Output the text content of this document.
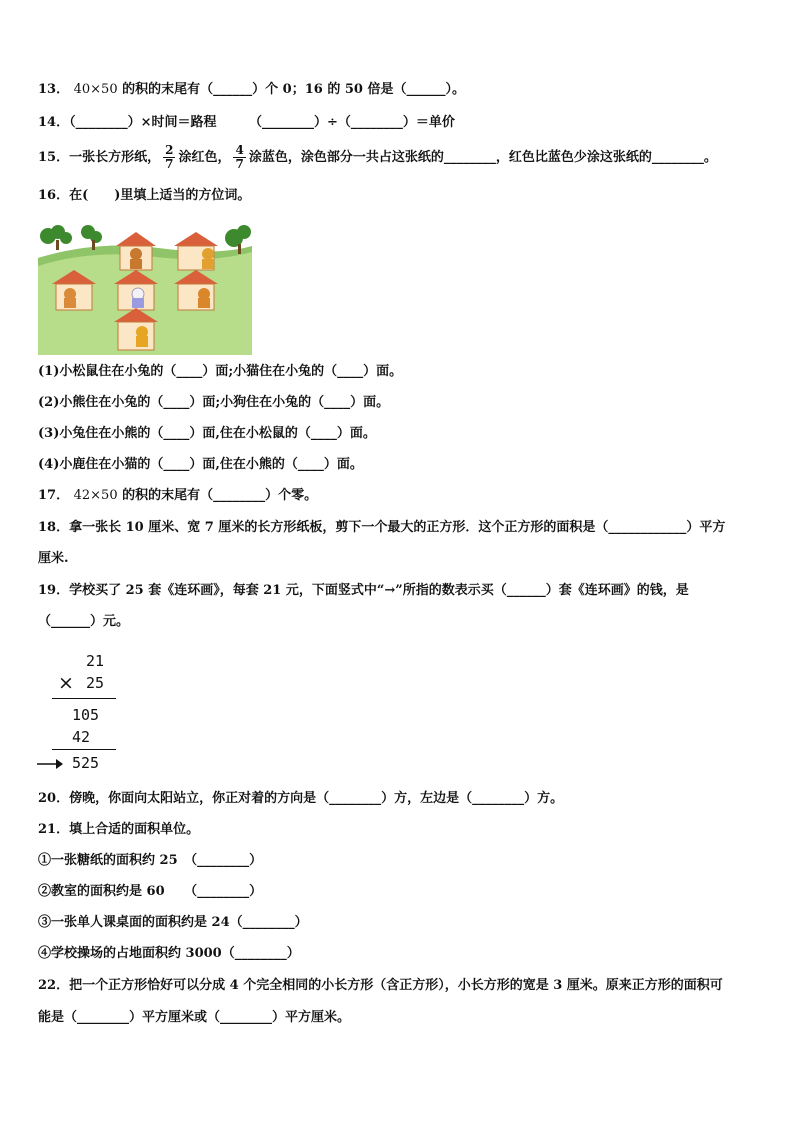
13． 40×50 的积的末尾有（______）个 0；16 的 50 倍是（______）。
14．（________）×时间＝路程　　　（________）÷（________）＝单价
15．一张长方形纸， $\frac{2}{7}$ 涂红色， $\frac{4}{7}$ 涂蓝色，涂色部分一共占这张纸的________，红色比蓝色少涂这张纸的________。
16．在(　　)里填上适当的方位词。
(1)小松鼠住在小兔的（____）面;小猫住在小兔的（____）面。
(2)小熊住在小兔的（____）面;小狗住在小兔的（____）面。
(3)小兔住在小熊的（____）面,住在小松鼠的（____）面。
(4)小鹿住在小猫的（____）面,住在小熊的（____）面。
17． 42×50 的积的末尾有（________）个零。
18．拿一张长 10 厘米、宽 7 厘米的长方形纸板，剪下一个最大的正方形．这个正方形的面积是（____________）平方
厘米.
19．学校买了 25 套《连环画》，每套 21 元，下面竖式中“→”所指的数表示买（______）套《连环画》的钱，是
（______）元。
21
× 25
105
42
525
20．傍晚，你面向太阳站立，你正对着的方向是（________）方，左边是（________）方。
21．填上合适的面积单位。
①一张糖纸的面积约 25　（________）
②教室的面积约是 60　　（________）
③一张单人课桌面的面积约是 24（________）
④学校操场的占地面积约 3000（________）
22．把一个正方形恰好可以分成 4 个完全相同的小长方形（含正方形），小长方形的宽是 3 厘米。原来正方形的面积可
能是（________）平方厘米或（________）平方厘米。
